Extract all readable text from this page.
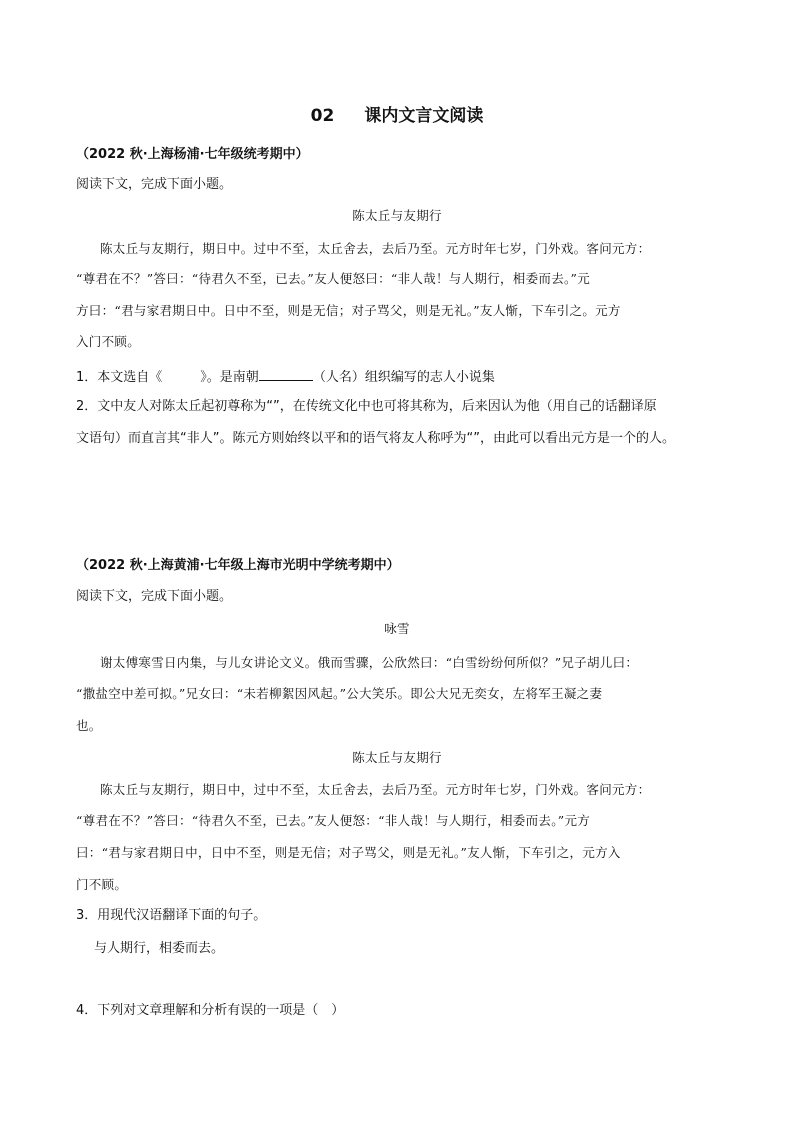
02 课内文言文阅读
（2022 秋·上海杨浦·七年级统考期中）
阅读下文，完成下面小题。
陈太丘与友期行
陈太丘与友期行，期日中。过中不至，太丘舍去，去后乃至。元方时年七岁，门外戏。客问元方：
“尊君在不？”答曰：“待君久不至，已去。”友人便怒曰：“非人哉！与人期行，相委而去。”元
方曰：“君与家君期日中。日中不至，则是无信；对子骂父，则是无礼。”友人惭，下车引之。元方
入门不顾。
1．本文选自《	》。是南朝	（人名）组织编写的志人小说集
2．文中友人对陈太丘起初尊称为“”，在传统文化中也可将其称为，后来因认为他（用自己的话翻译原
文语句）而直言其“非人”。陈元方则始终以平和的语气将友人称呼为“”，由此可以看出元方是一个的人。
（2022 秋·上海黄浦·七年级上海市光明中学统考期中）
阅读下文，完成下面小题。
咏雪
谢太傅寒雪日内集，与儿女讲论文义。俄而雪骤，公欣然曰：“白雪纷纷何所似？”兄子胡儿曰：
“撒盐空中差可拟。”兄女曰：“未若柳絮因风起。”公大笑乐。即公大兄无奕女，左将军王凝之妻
也。
陈太丘与友期行
陈太丘与友期行，期日中，过中不至，太丘舍去，去后乃至。元方时年七岁，门外戏。客问元方：
“尊君在不？”答曰：“待君久不至，已去。”友人便怒：“非人哉！与人期行，相委而去。”元方
曰：“君与家君期日中，日中不至，则是无信；对子骂父，则是无礼。”友人惭，下车引之，元方入
门不顾。
3．用现代汉语翻译下面的句子。
与人期行，相委而去。
4．下列对文章理解和分析有误的一项是（　）
